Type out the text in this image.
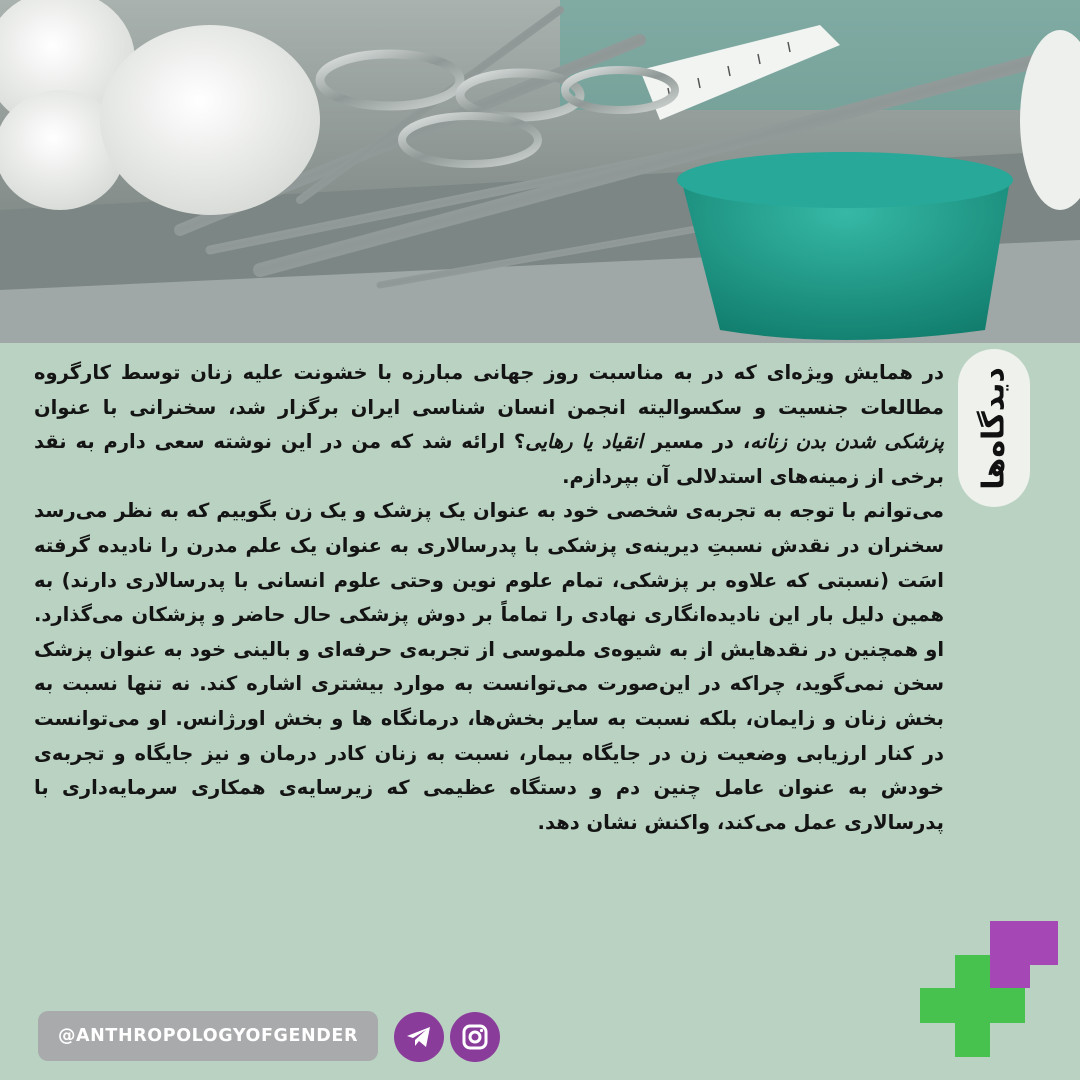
دیدگاه‌ها

در همایش ویژه‌ای که در به مناسبت روز جهانی مبارزه با خشونت علیه زنان توسط کارگروه مطالعات جنسیت و سکسوالیته انجمن انسان شناسی ایران برگزار شد، سخنرانی با عنوان پزشکی شدن بدن زنانه، در مسیر انقیاد یا رهایی؟ ارائه شد که من در این نوشته سعی دارم به نقد برخی از زمینه‌های استدلالی آن بپردازم.

می‌توانم با توجه به تجربه‌ی شخصی خود به عنوان یک پزشک و یک زن بگوییم که به نظر می‌رسد سخنران در نقدش نسبتِ دیرینه‌ی پزشکی با پدرسالاری به عنوان یک علم مدرن را نادیده گرفته اسَت (نسبتی که علاوه بر پزشکی، تمام علوم نوین وحتی علوم انسانی با پدرسالاری دارند) به همین دلیل بار این نادیده‌انگاری نهادی را تماماً بر دوش پزشکی حال حاضر و پزشکان می‌گذارد. او همچنین در نقدهایش از به شیوه‌ی ملموسی از تجربه‌ی حرفه‌ای و بالینی خود به عنوان پزشک سخن نمی‌گوید، چراکه در این‌صورت می‌توانست به موارد بیشتری اشاره کند. نه تنها نسبت به بخش زنان و زایمان، بلکه نسبت به سایر بخش‌ها، درمانگاه ها و بخش اورژانس. او می‌توانست در کنار ارزیابی وضعیت زن در جایگاه بیمار، نسبت به زنان کادر درمان و نیز جایگاه و تجربه‌ی خودش به عنوان عامل چنین دم و دستگاه عظیمی که زیرسایه‌ی همکاری سرمایه‌داری با پدرسالاری عمل می‌کند، واکنش نشان دهد.

@ANTHROPOLOGYOFGENDER
